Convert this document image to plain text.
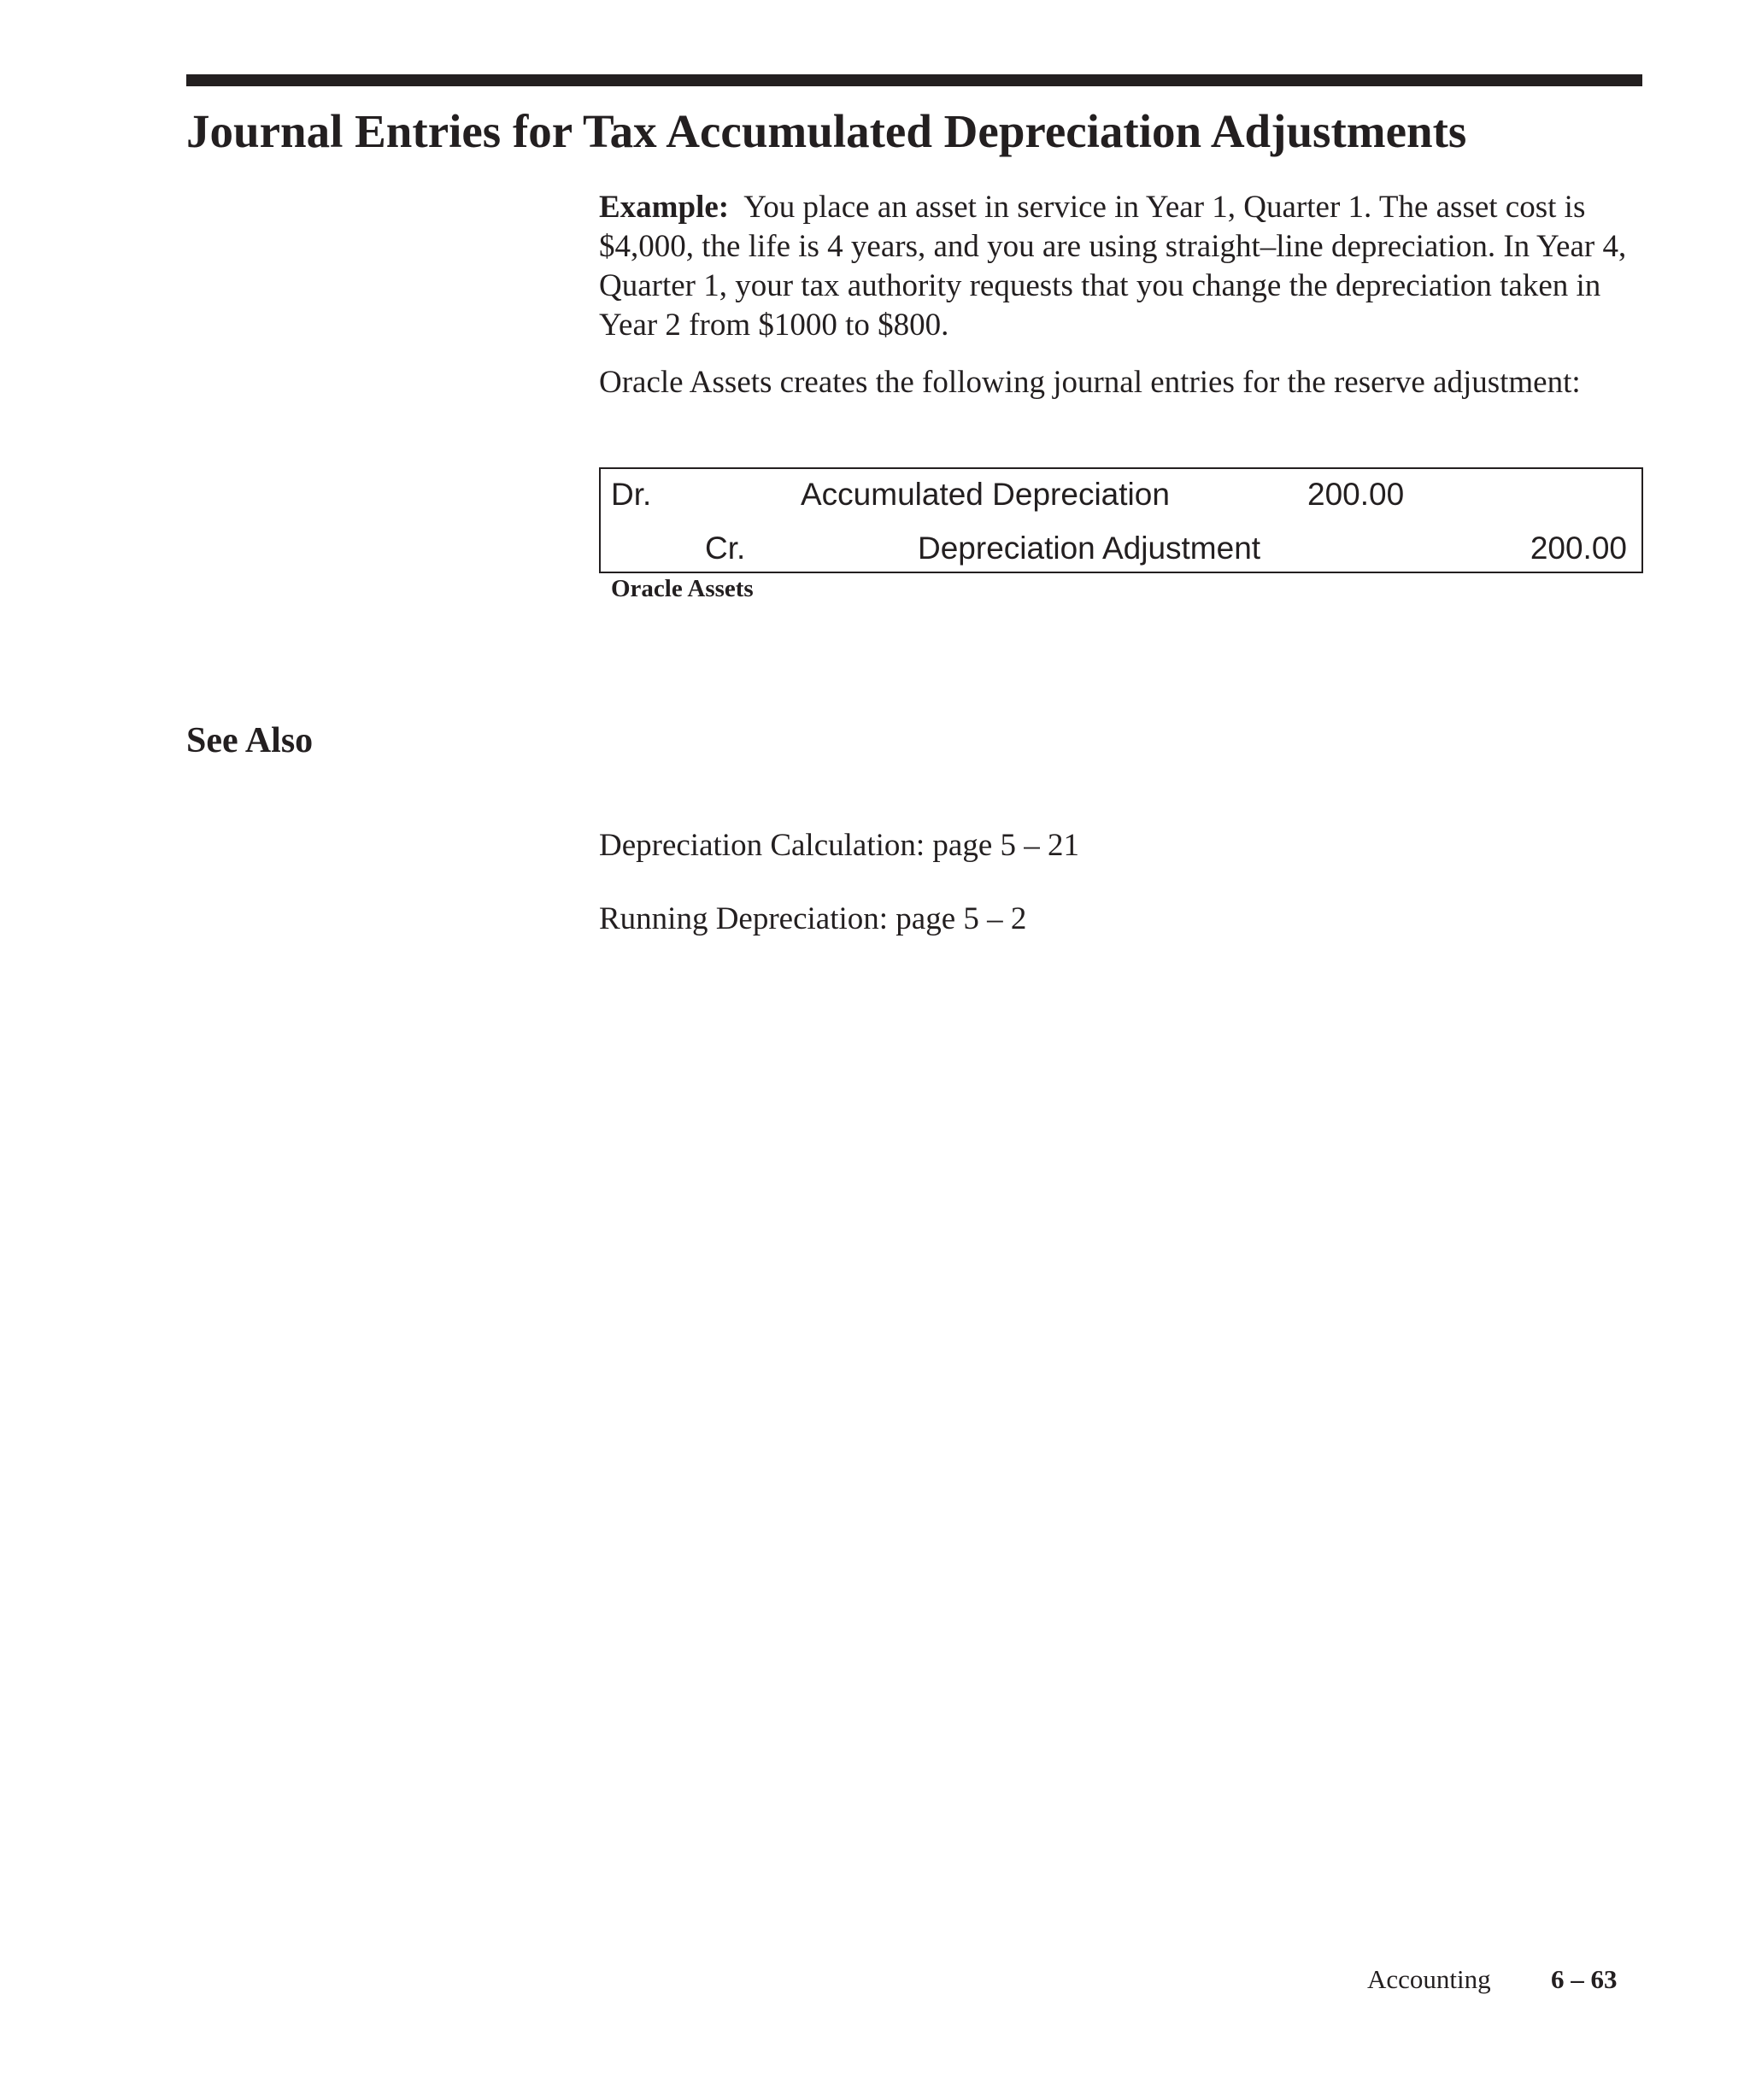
Journal Entries for Tax Accumulated Depreciation Adjustments

Example: You place an asset in service in Year 1, Quarter 1. The asset cost is $4,000, the life is 4 years, and you are using straight–line depreciation. In Year 4, Quarter 1, your tax authority requests that you change the depreciation taken in Year 2 from $1000 to $800.

Oracle Assets creates the following journal entries for the reserve adjustment:

Dr.	Accumulated Depreciation	200.00
Cr.	Depreciation Adjustment	200.00
Oracle Assets
See Also
Depreciation Calculation: page 5 – 21
Running Depreciation: page 5 – 2
Accounting 6 – 63
